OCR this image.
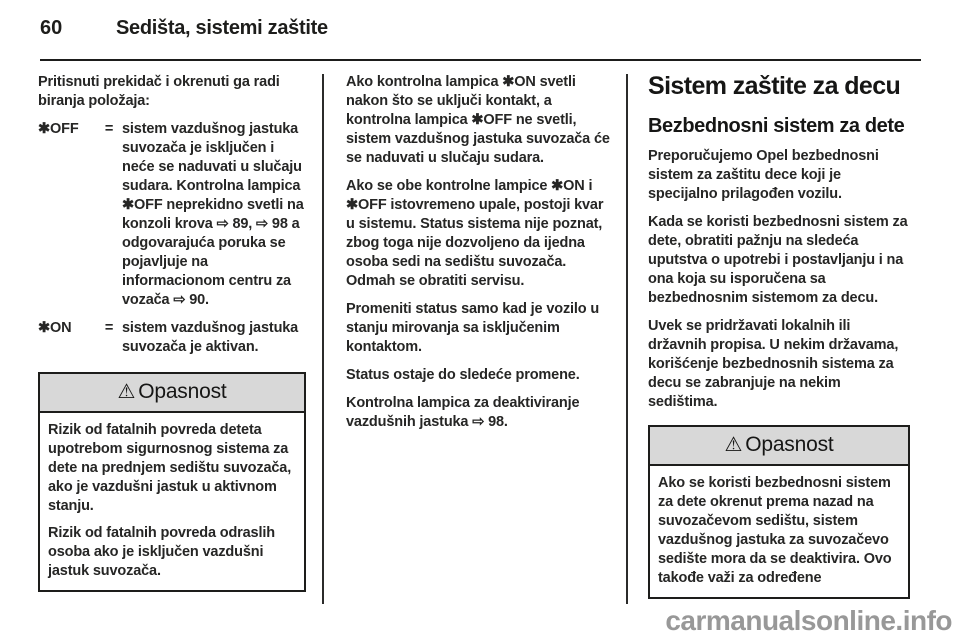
60	Sedišta, sistemi zaštite

Pritisnuti prekidač i okrenuti ga radi biranja položaja:

✱OFF	= sistem vazdušnog jastuka suvozača je isključen i neće se naduvati u slučaju sudara. Kontrolna lampica ✱OFF neprekidno svetli na konzoli krova ⇨ 89, ⇨ 98 a odgovarajuća poruka se pojavljuje na informacionom centru za vozača ⇨ 90.
✱ON	= sistem vazdušnog jastuka suvozača je aktivan.
⚠ Opasnost

Rizik od fatalnih povreda deteta upotrebom sigurnosnog sistema za dete na prednjem sedištu suvozača, ako je vazdušni jastuk u aktivnom stanju.

Rizik od fatalnih povreda odraslih osoba ako je isključen vazdušni jastuk suvozača.

Ako kontrolna lampica ✱ON svetli nakon što se uključi kontakt, a kontrolna lampica ✱OFF ne svetli, sistem vazdušnog jastuka suvozača će se naduvati u slučaju sudara.

Ako se obe kontrolne lampice ✱ON i ✱OFF istovremeno upale, postoji kvar u sistemu. Status sistema nije poznat, zbog toga nije dozvoljeno da ijedna osoba sedi na sedištu suvozača. Odmah se obratiti servisu.

Promeniti status samo kad je vozilo u stanju mirovanja sa isključenim kontaktom.

Status ostaje do sledeće promene.

Kontrolna lampica za deaktiviranje vazdušnih jastuka ⇨ 98.

Sistem zaštite za decu
Bezbednosni sistem za dete

Preporučujemo Opel bezbednosni sistem za zaštitu dece koji je specijalno prilagođen vozilu.

Kada se koristi bezbednosni sistem za dete, obratiti pažnju na sledeća uputstva o upotrebi i postavljanju i na ona koja su isporučena sa bezbednosnim sistemom za decu.

Uvek se pridržavati lokalnih ili državnih propisa. U nekim državama, korišćenje bezbednosnih sistema za decu se zabranjuje na nekim sedištima.

⚠ Opasnost

Ako se koristi bezbednosni sistem za dete okrenut prema nazad na suvozačevom sedištu, sistem vazdušnog jastuka za suvozačevo sedište mora da se deaktivira. Ovo takođe važi za određene

carmanualsonline.info
